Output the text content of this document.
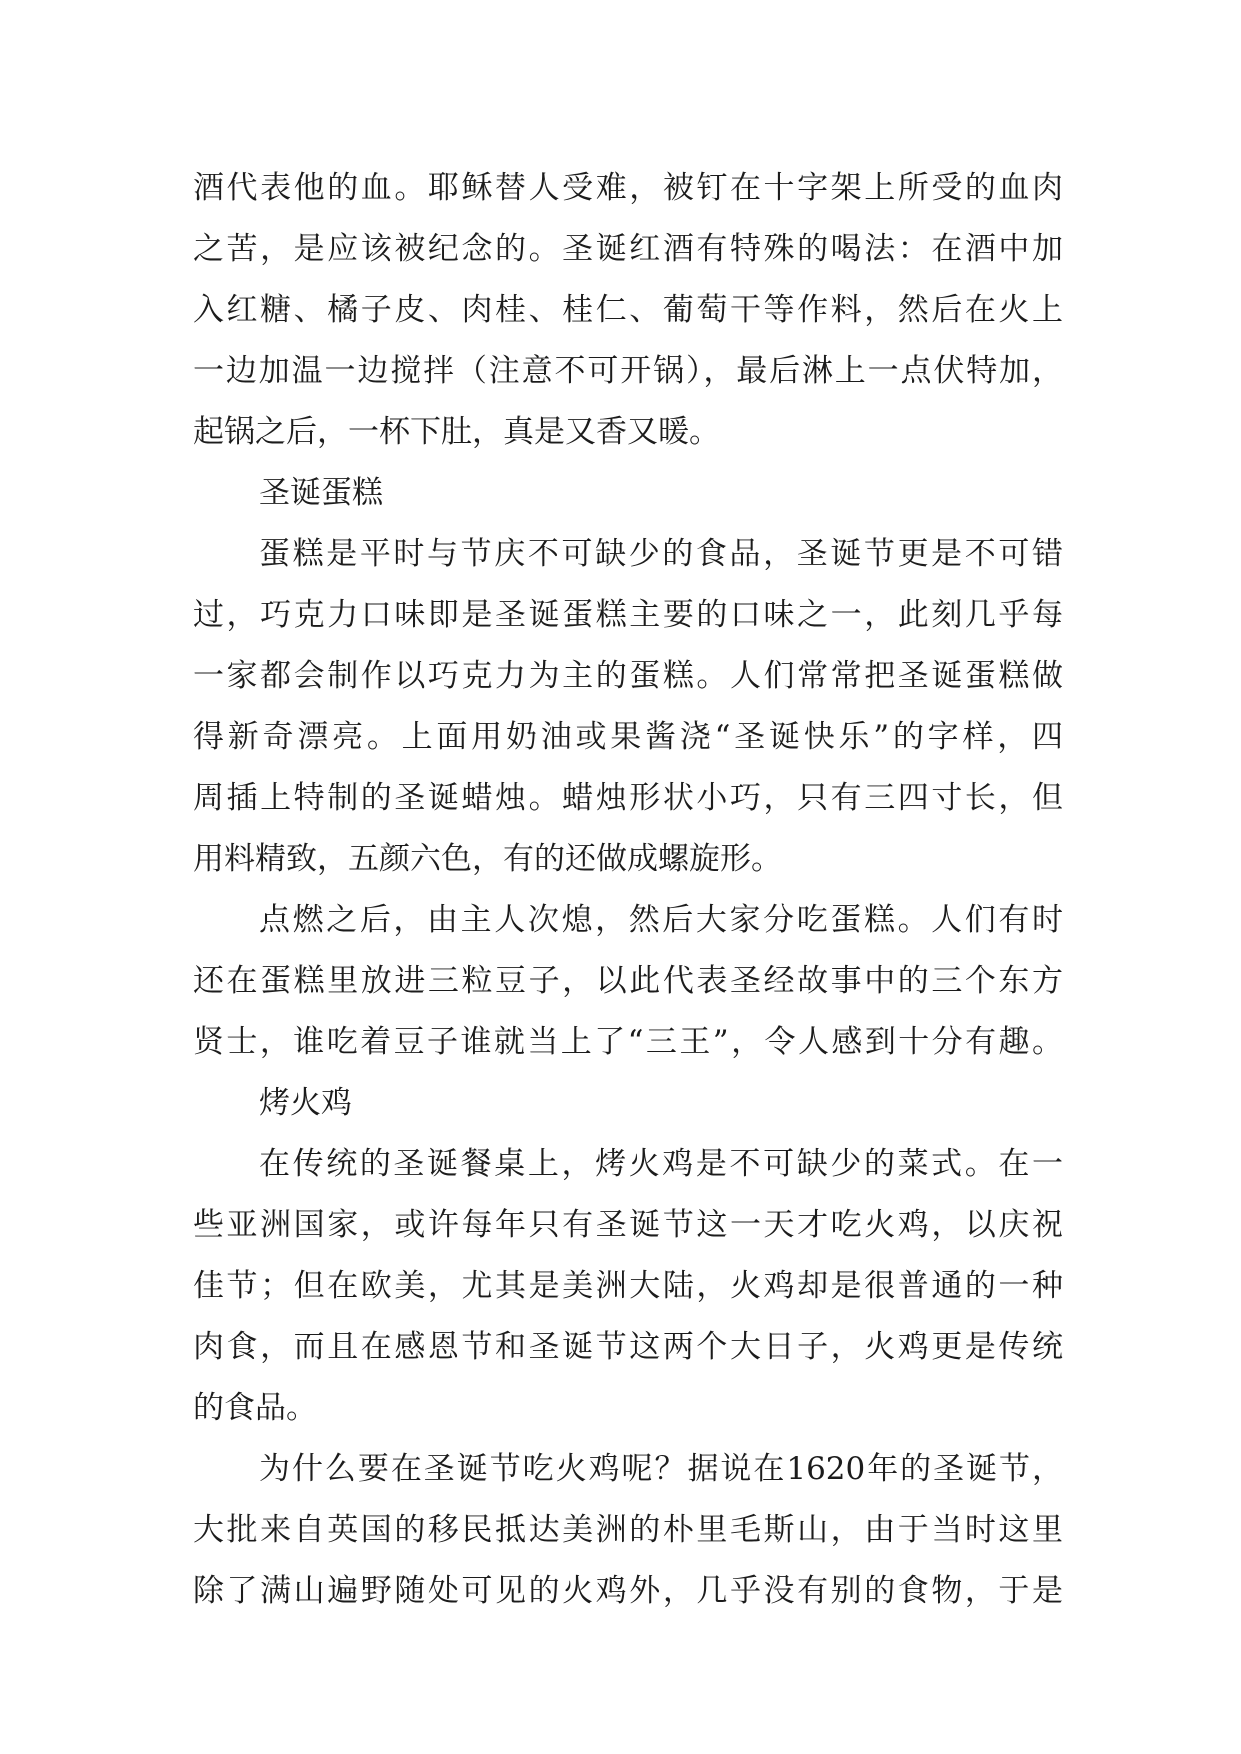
酒代表他的血。耶稣替人受难，被钉在十字架上所受的血肉
之苦，是应该被纪念的。圣诞红酒有特殊的喝法：在酒中加
入红糖、橘子皮、肉桂、桂仁、葡萄干等作料，然后在火上
一边加温一边搅拌（注意不可开锅），最后淋上一点伏特加，
起锅之后，一杯下肚，真是又香又暖。
圣诞蛋糕
蛋糕是平时与节庆不可缺少的食品，圣诞节更是不可错
过，巧克力口味即是圣诞蛋糕主要的口味之一，此刻几乎每
一家都会制作以巧克力为主的蛋糕。人们常常把圣诞蛋糕做
得新奇漂亮。上面用奶油或果酱浇“圣诞快乐”的字样，四
周插上特制的圣诞蜡烛。蜡烛形状小巧，只有三四寸长，但
用料精致，五颜六色，有的还做成螺旋形。
点燃之后，由主人次熄，然后大家分吃蛋糕。人们有时
还在蛋糕里放进三粒豆子，以此代表圣经故事中的三个东方
贤士，谁吃着豆子谁就当上了“三王”，令人感到十分有趣。
烤火鸡
在传统的圣诞餐桌上，烤火鸡是不可缺少的菜式。在一
些亚洲国家，或许每年只有圣诞节这一天才吃火鸡，以庆祝
佳节；但在欧美，尤其是美洲大陆，火鸡却是很普通的一种
肉食，而且在感恩节和圣诞节这两个大日子，火鸡更是传统
的食品。
为什么要在圣诞节吃火鸡呢？据说在1620年的圣诞节，
大批来自英国的移民抵达美洲的朴里毛斯山，由于当时这里
除了满山遍野随处可见的火鸡外，几乎没有别的食物，于是
